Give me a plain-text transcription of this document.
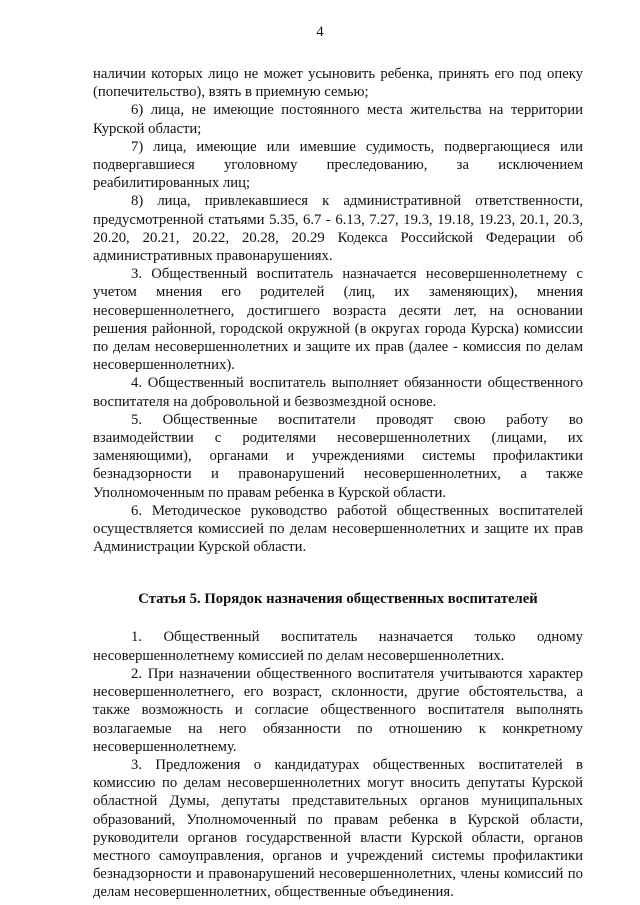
4

наличии которых лицо не может усыновить ребенка, принять его под опеку (попечительство), взять в приемную семью;

6) лица, не имеющие постоянного места жительства на территории Курской области;

7) лица, имеющие или имевшие судимость, подвергающиеся или подвергавшиеся уголовному преследованию, за исключением реабилитированных лиц;

8) лица, привлекавшиеся к административной ответственности, предусмотренной статьями 5.35, 6.7 - 6.13, 7.27, 19.3, 19.18, 19.23, 20.1, 20.3, 20.20, 20.21, 20.22, 20.28, 20.29 Кодекса Российской Федерации об административных правонарушениях.

3. Общественный воспитатель назначается несовершеннолетнему с учетом мнения его родителей (лиц, их заменяющих), мнения несовершеннолетнего, достигшего возраста десяти лет, на основании решения районной, городской окружной (в округах города Курска) комиссии по делам несовершеннолетних и защите их прав (далее - комиссия по делам несовершеннолетних).

4. Общественный воспитатель выполняет обязанности общественного воспитателя на добровольной и безвозмездной основе.

5. Общественные воспитатели проводят свою работу во взаимодействии с родителями несовершеннолетних (лицами, их заменяющими), органами и учреждениями системы профилактики безнадзорности и правонарушений несовершеннолетних, а также Уполномоченным по правам ребенка в Курской области.

6. Методическое руководство работой общественных воспитателей осуществляется комиссией по делам несовершеннолетних и защите их прав Администрации Курской области.

Статья 5. Порядок назначения общественных воспитателей

1. Общественный воспитатель назначается только одному несовершеннолетнему комиссией по делам несовершеннолетних.

2. При назначении общественного воспитателя учитываются характер несовершеннолетнего, его возраст, склонности, другие обстоятельства, а также возможность и согласие общественного воспитателя выполнять возлагаемые на него обязанности по отношению к конкретному несовершеннолетнему.

3. Предложения о кандидатурах общественных воспитателей в комиссию по делам несовершеннолетних могут вносить депутаты Курской областной Думы, депутаты представительных органов муниципальных образований, Уполномоченный по правам ребенка в Курской области, руководители органов государственной власти Курской области, органов местного самоуправления, органов и учреждений системы профилактики безнадзорности и правонарушений несовершеннолетних, члены комиссий по делам несовершеннолетних, общественные объединения.
